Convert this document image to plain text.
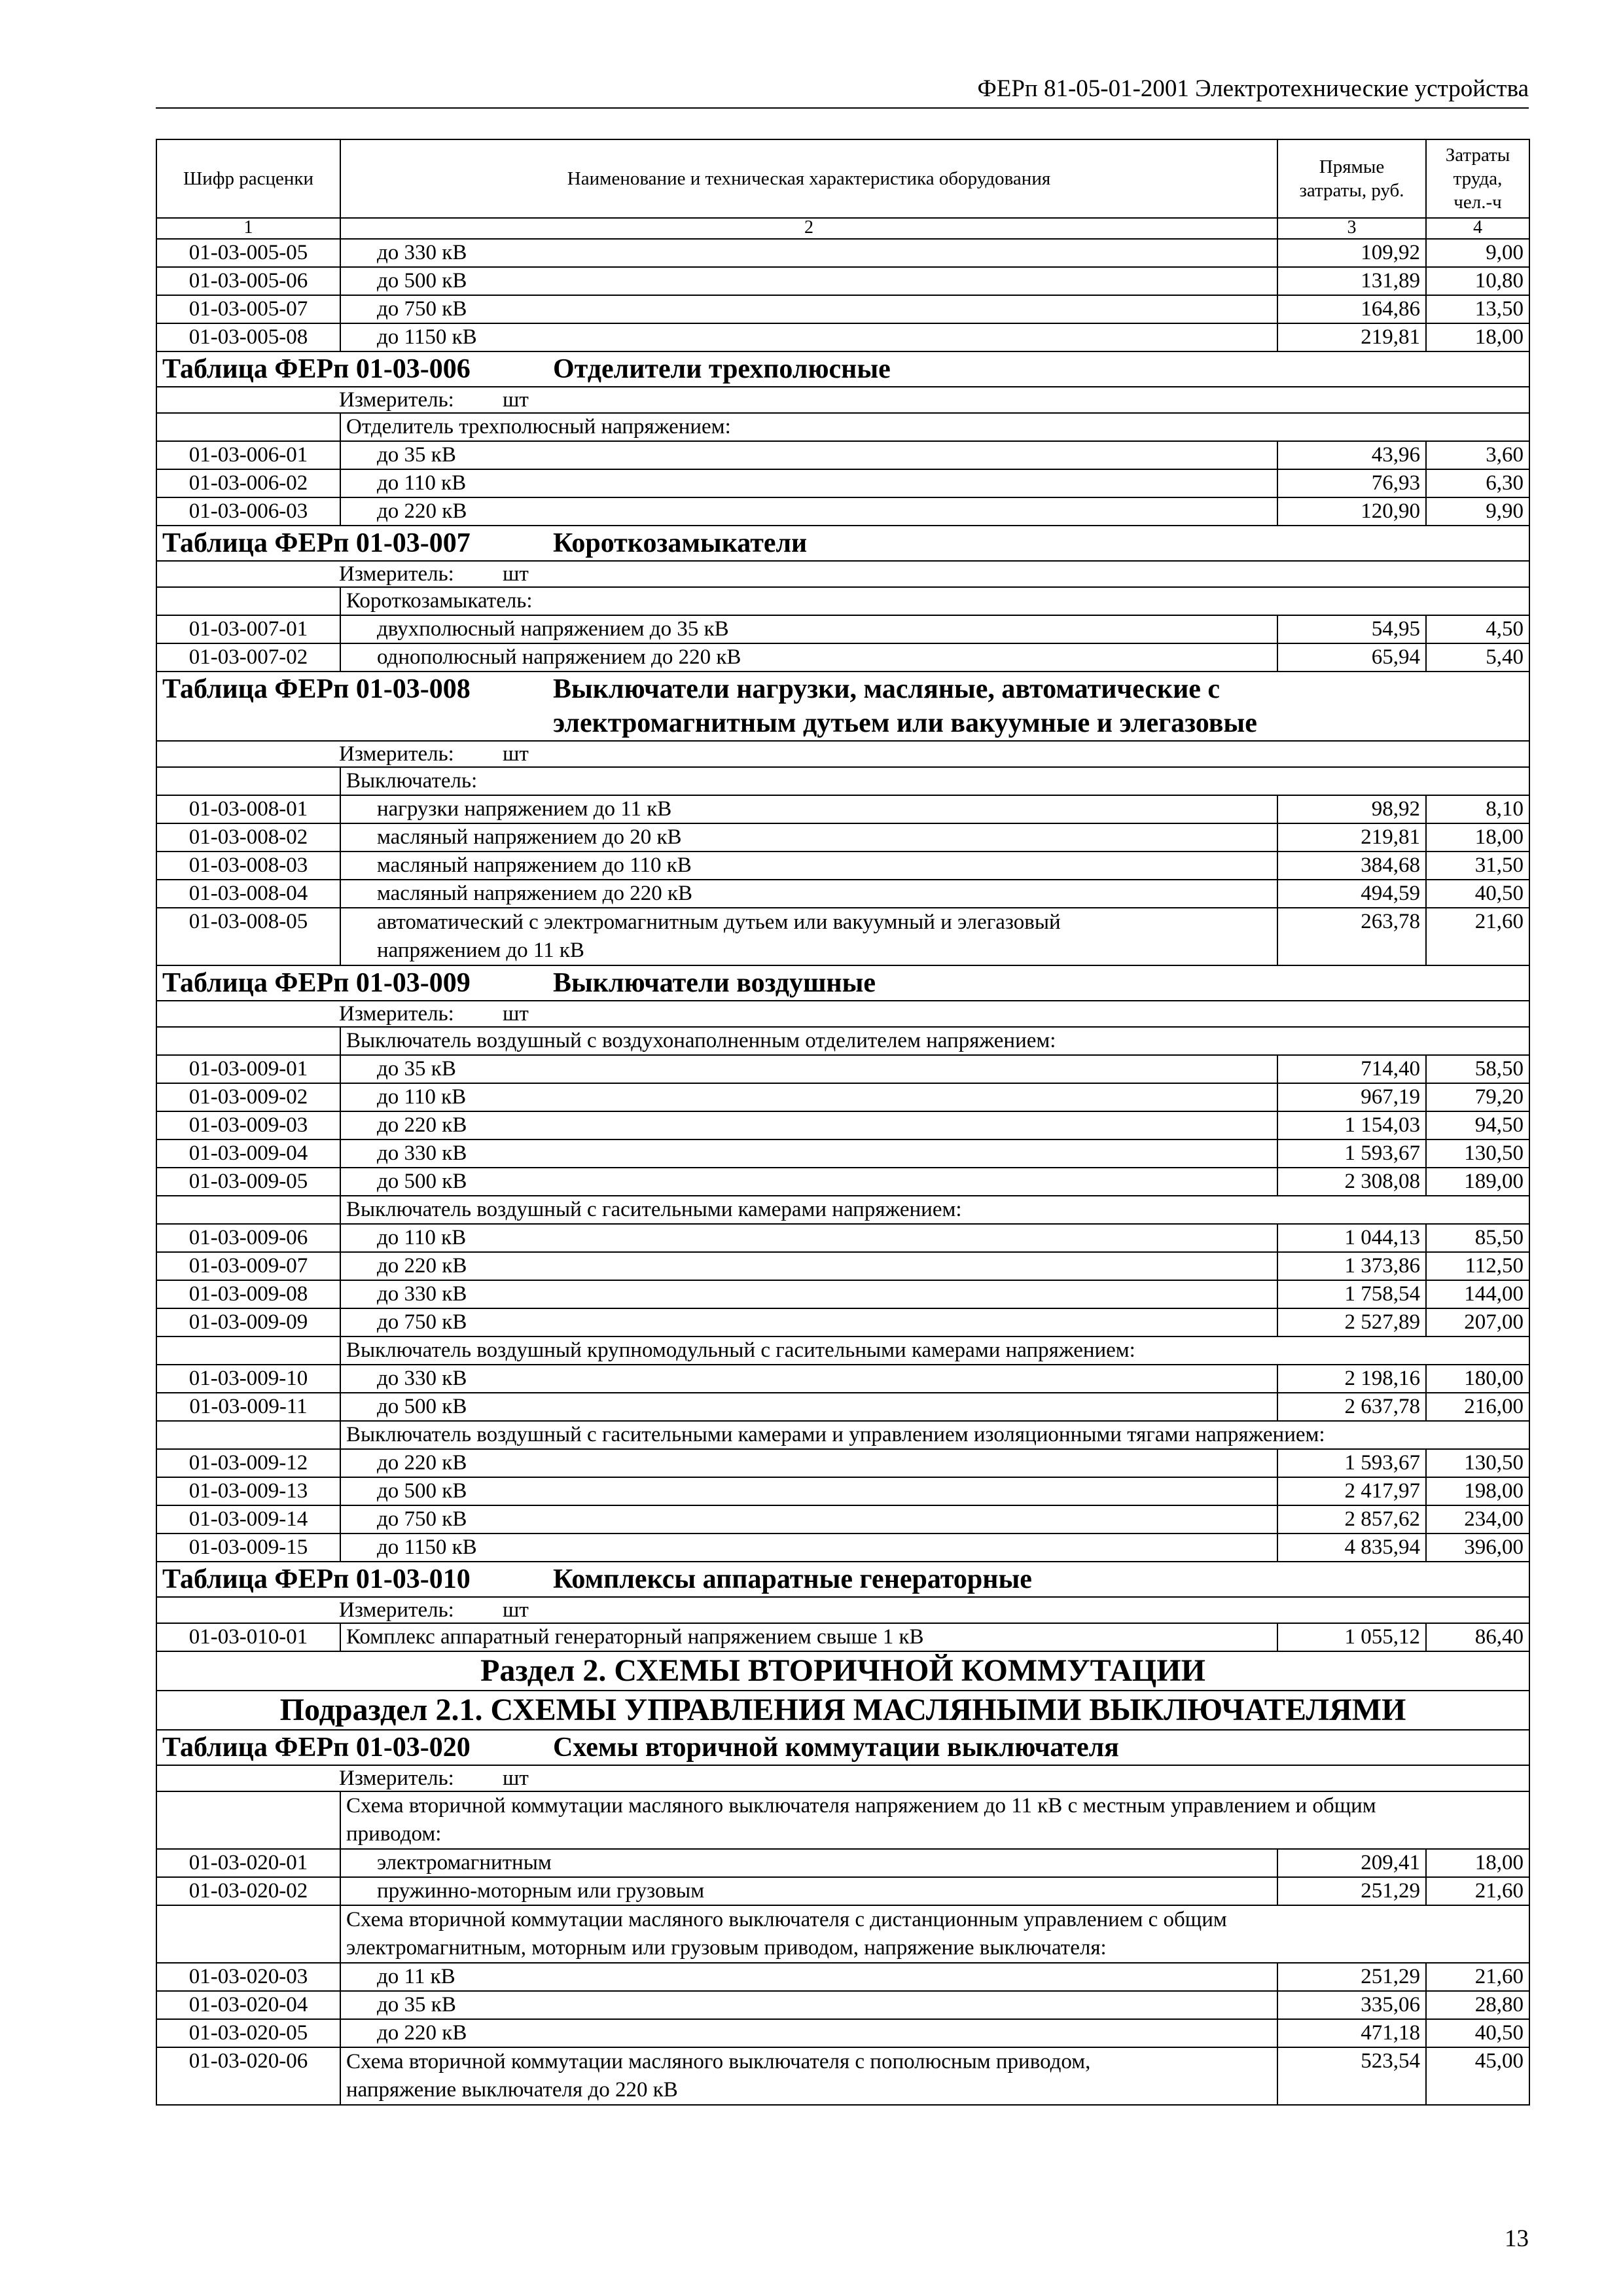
ФЕРп 81-05-01-2001 Электротехнические устройства
Шифр расценки	Наименование и техническая характеристика оборудования	Прямые затраты, руб.	Затраты труда, чел.-ч
1	2	3	4
01-03-005-05	до 330 кВ	109,92	9,00
01-03-005-06	до 500 кВ	131,89	10,80
01-03-005-07	до 750 кВ	164,86	13,50
01-03-005-08	до 1150 кВ	219,81	18,00
Таблица ФЕРп 01-03-006 Отделители трехполюсные			
Измеритель: шт			
	Отделитель трехполюсный напряжением:		
01-03-006-01	до 35 кВ	43,96	3,60
01-03-006-02	до 110 кВ	76,93	6,30
01-03-006-03	до 220 кВ	120,90	9,90
Таблица ФЕРп 01-03-007 Короткозамыкатели			
Измеритель: шт			
	Короткозамыкатель:		
01-03-007-01	двухполюсный напряжением до 35 кВ	54,95	4,50
01-03-007-02	однополюсный напряжением до 220 кВ	65,94	5,40
Таблица ФЕРп 01-03-008 Выключатели нагрузки, масляные, автоматические с
электромагнитным дутьем или вакуумные и элегазовые			

Измеритель: шт			
	Выключатель:		
01-03-008-01	нагрузки напряжением до 11 кВ	98,92	8,10
01-03-008-02	масляный напряжением до 20 кВ	219,81	18,00
01-03-008-03	масляный напряжением до 110 кВ	384,68	31,50
01-03-008-04	масляный напряжением до 220 кВ	494,59	40,50
01-03-008-05	автоматический с электромагнитным дутьем или вакуумный и элегазовый
напряжением до 11 кВ	263,78	21,60
Таблица ФЕРп 01-03-009 Выключатели воздушные			
Измеритель: шт			
	Выключатель воздушный с воздухонаполненным отделителем напряжением:		
01-03-009-01	до 35 кВ	714,40	58,50
01-03-009-02	до 110 кВ	967,19	79,20
01-03-009-03	до 220 кВ	1 154,03	94,50
01-03-009-04	до 330 кВ	1 593,67	130,50
01-03-009-05	до 500 кВ	2 308,08	189,00
	Выключатель воздушный с гасительными камерами напряжением:		
01-03-009-06	до 110 кВ	1 044,13	85,50
01-03-009-07	до 220 кВ	1 373,86	112,50
01-03-009-08	до 330 кВ	1 758,54	144,00
01-03-009-09	до 750 кВ	2 527,89	207,00
	Выключатель воздушный крупномодульный с гасительными камерами напряжением:		
01-03-009-10	до 330 кВ	2 198,16	180,00
01-03-009-11	до 500 кВ	2 637,78	216,00
	Выключатель воздушный с гасительными камерами и управлением изоляционными тягами напряжением:		
01-03-009-12	до 220 кВ	1 593,67	130,50
01-03-009-13	до 500 кВ	2 417,97	198,00
01-03-009-14	до 750 кВ	2 857,62	234,00
01-03-009-15	до 1150 кВ	4 835,94	396,00
Таблица ФЕРп 01-03-010 Комплексы аппаратные генераторные			
Измеритель: шт			
01-03-010-01	Комплекс аппаратный генераторный напряжением свыше 1 кВ	1 055,12	86,40
Раздел 2. СХЕМЫ ВТОРИЧНОЙ КОММУТАЦИИ			
Подраздел 2.1. СХЕМЫ УПРАВЛЕНИЯ МАСЛЯНЫМИ ВЫКЛЮЧАТЕЛЯМИ			
Таблица ФЕРп 01-03-020 Схемы вторичной коммутации выключателя			
Измеритель: шт			
	Схема вторичной коммутации масляного выключателя напряжением до 11 кВ с местным управлением и общим
приводом:		
01-03-020-01	электромагнитным	209,41	18,00
01-03-020-02	пружинно-моторным или грузовым	251,29	21,60
	Схема вторичной коммутации масляного выключателя с дистанционным управлением с общим
электромагнитным, моторным или грузовым приводом, напряжение выключателя:		
01-03-020-03	до 11 кВ	251,29	21,60
01-03-020-04	до 35 кВ	335,06	28,80
01-03-020-05	до 220 кВ	471,18	40,50
01-03-020-06	Схема вторичной коммутации масляного выключателя с пополюсным приводом,
напряжение выключателя до 220 кВ	523,54	45,00
13
